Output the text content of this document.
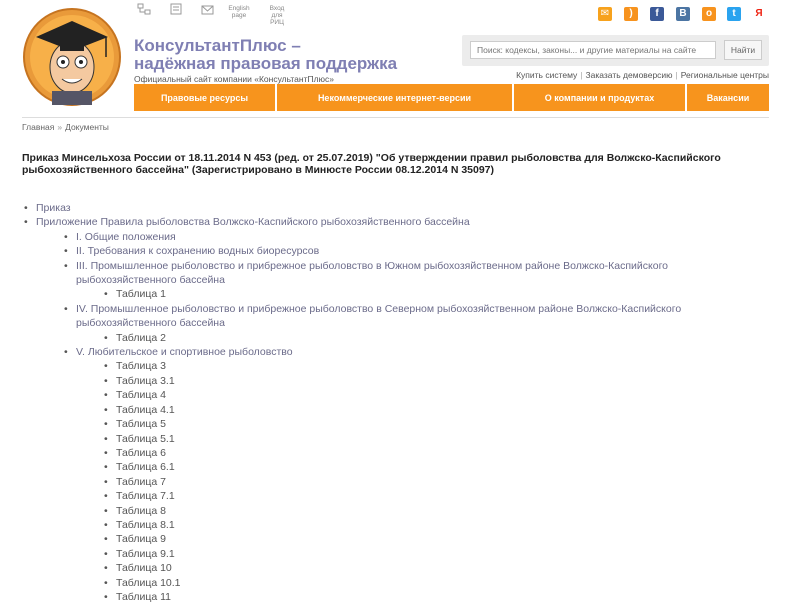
КонсультантПлюс –
надёжная правовая поддержка
Официальный сайт компании «КонсультантПлюс»
English page
Вход для РИЦ
✉	)	f	B	o	t	Я
Поиск: кодексы, законы... и другие материалы на сайте
Найти
Купить систему | Заказать демоверсию | Региональные центры
Правовые ресурсы	Некоммерческие интернет-версии	О компании и продуктах	Вакансии
Главная » Документы
Приказ Минсельхоза России от 18.11.2014 N 453 (ред. от 25.07.2019) "Об утверждении правил рыболовства для Волжско-Каспийского рыбохозяйственного бассейна" (Зарегистрировано в Минюсте России 08.12.2014 N 35097)
• Приказ
• Приложение Правила рыболовства Волжско-Каспийского рыбохозяйственного бассейна
• I. Общие положения
• II. Требования к сохранению водных биоресурсов
• III. Промышленное рыболовство и прибрежное рыболовство в Южном рыбохозяйственном районе Волжско-Каспийского рыбохозяйственного бассейна
• Таблица 1
• IV. Промышленное рыболовство и прибрежное рыболовство в Северном рыбохозяйственном районе Волжско-Каспийского рыбохозяйственного бассейна
• Таблица 2
• V. Любительское и спортивное рыболовство
• Таблица 3
• Таблица 3.1
• Таблица 4
• Таблица 4.1
• Таблица 5
• Таблица 5.1
• Таблица 6
• Таблица 6.1
• Таблица 7
• Таблица 7.1
• Таблица 8
• Таблица 8.1
• Таблица 9
• Таблица 9.1
• Таблица 10
• Таблица 10.1
• Таблица 11
